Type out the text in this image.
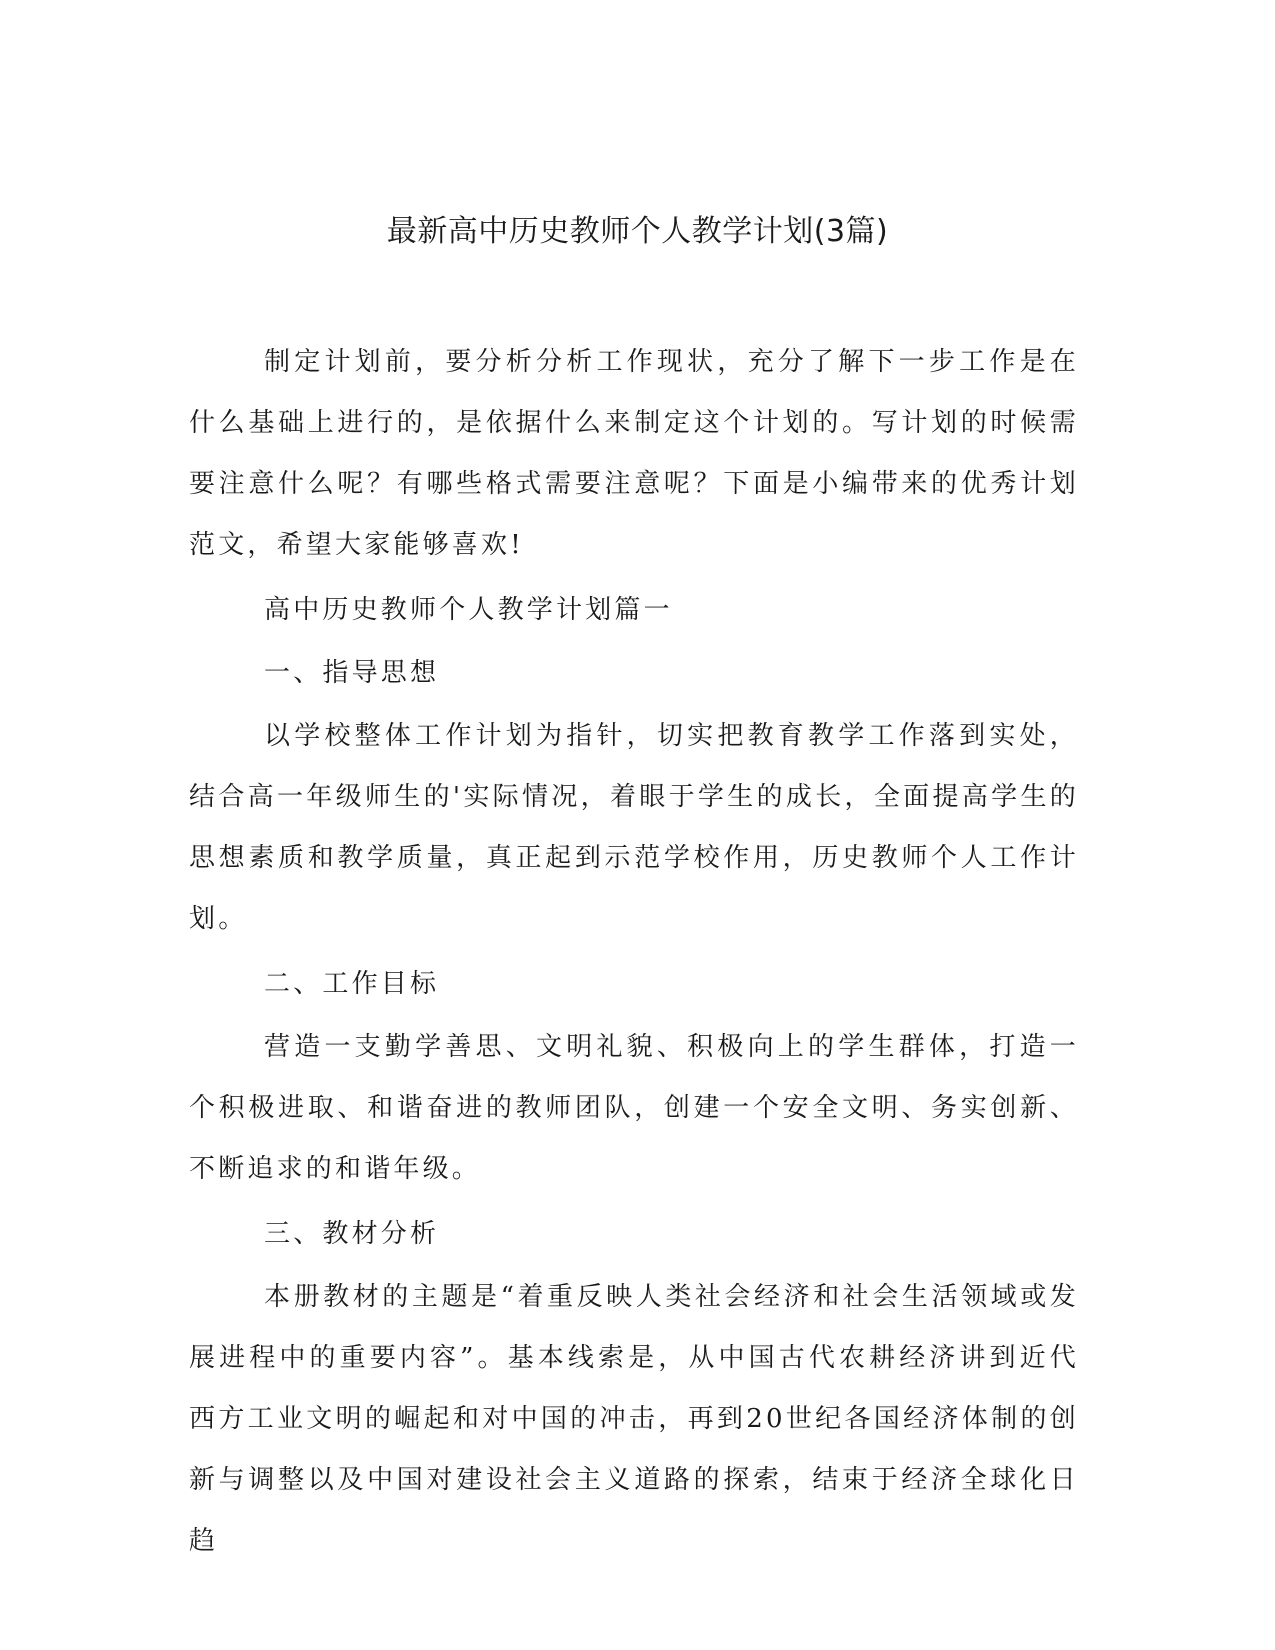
最新高中历史教师个人教学计划(3篇)

制定计划前，要分析分析工作现状，充分了解下一步工作是在什么基础上进行的，是依据什么来制定这个计划的。写计划的时候需要注意什么呢？有哪些格式需要注意呢？下面是小编带来的优秀计划范文，希望大家能够喜欢!

高中历史教师个人教学计划篇一

一、指导思想

以学校整体工作计划为指针，切实把教育教学工作落到实处，结合高一年级师生的'实际情况，着眼于学生的成长，全面提高学生的思想素质和教学质量，真正起到示范学校作用，历史教师个人工作计划。

二、工作目标

营造一支勤学善思、文明礼貌、积极向上的学生群体，打造一个积极进取、和谐奋进的教师团队，创建一个安全文明、务实创新、不断追求的和谐年级。

三、教材分析

本册教材的主题是“着重反映人类社会经济和社会生活领域或发展进程中的重要内容”。基本线索是，从中国古代农耕经济讲到近代西方工业文明的崛起和对中国的冲击，再到20世纪各国经济体制的创新与调整以及中国对建设社会主义道路的探索，结束于经济全球化日趋
